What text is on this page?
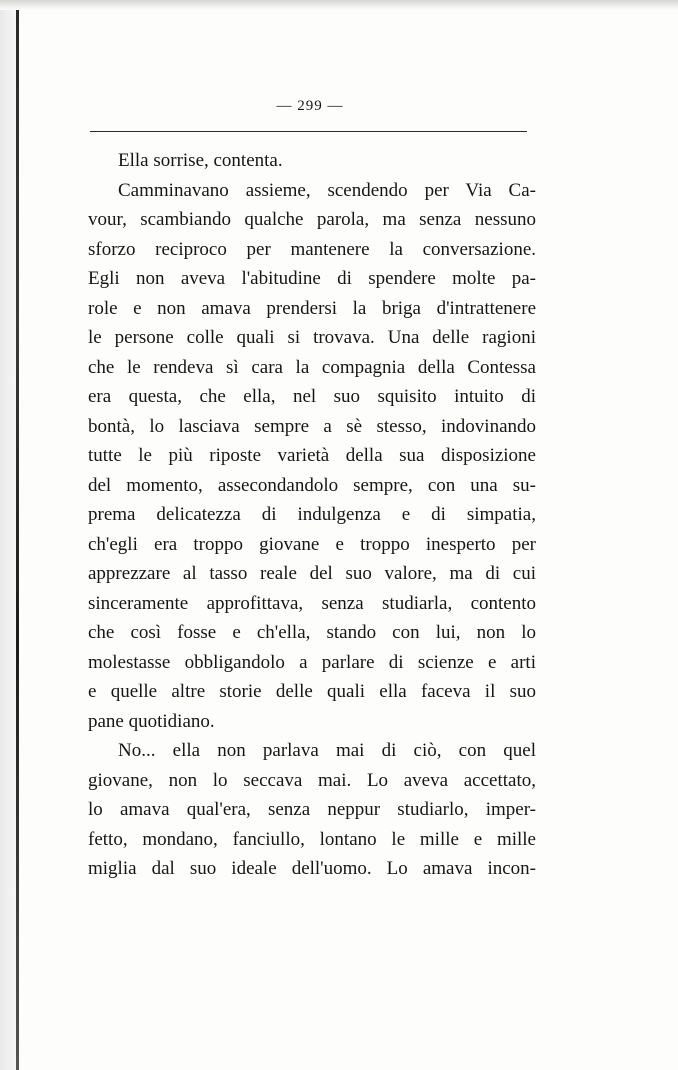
— 299 —
Ella sorrise, contenta.
Camminavano assieme, scendendo per Via Ca-
vour, scambiando qualche parola, ma senza nessuno
sforzo reciproco per mantenere la conversazione.
Egli non aveva l'abitudine di spendere molte pa-
role e non amava prendersi la briga d'intrattenere
le persone colle quali si trovava. Una delle ragioni
che le rendeva sì cara la compagnia della Contessa
era questa, che ella, nel suo squisito intuito di
bontà, lo lasciava sempre a sè stesso, indovinando
tutte le più riposte varietà della sua disposizione
del momento, assecondandolo sempre, con una su-
prema delicatezza di indulgenza e di simpatia,
ch'egli era troppo giovane e troppo inesperto per
apprezzare al tasso reale del suo valore, ma di cui
sinceramente approfittava, senza studiarla, contento
che così fosse e ch'ella, stando con lui, non lo
molestasse obbligandolo a parlare di scienze e arti
e quelle altre storie delle quali ella faceva il suo
pane quotidiano.
No... ella non parlava mai di ciò, con quel
giovane, non lo seccava mai. Lo aveva accettato,
lo amava qual'era, senza neppur studiarlo, imper-
fetto, mondano, fanciullo, lontano le mille e mille
miglia dal suo ideale dell'uomo. Lo amava incon-
